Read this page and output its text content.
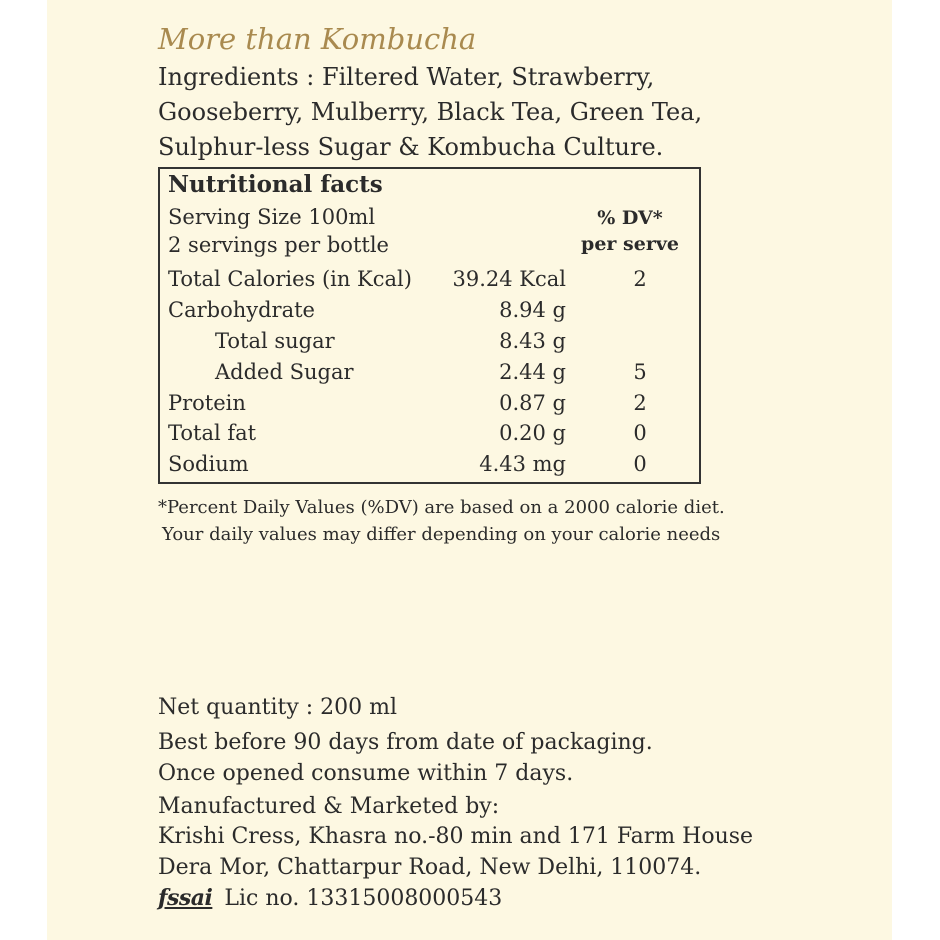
More than Kombucha
Ingredients : Filtered Water, Strawberry,
Gooseberry, Mulberry, Black Tea, Green Tea,
Sulphur-less Sugar & Kombucha Culture.
Nutritional facts
Serving Size 100ml
2 servings per bottle
% DV*
per serve
Total Calories (in Kcal) 39.24 Kcal	2
Carbohydrate	8.94 g
Total sugar	8.43 g
Added Sugar	2.44 g	5
Protein	0.87 g	2
Total fat	0.20 g	0
Sodium	4.43 mg	0
*Percent Daily Values (%DV) are based on a 2000 calorie diet.
Your daily values may differ depending on your calorie needs
Net quantity : 200 ml
Best before 90 days from date of packaging.
Once opened consume within 7 days.
Manufactured & Marketed by:
Krishi Cress, Khasra no.-80 min and 171 Farm House
Dera Mor, Chattarpur Road, New Delhi, 110074.
fssai Lic no. 13315008000543
